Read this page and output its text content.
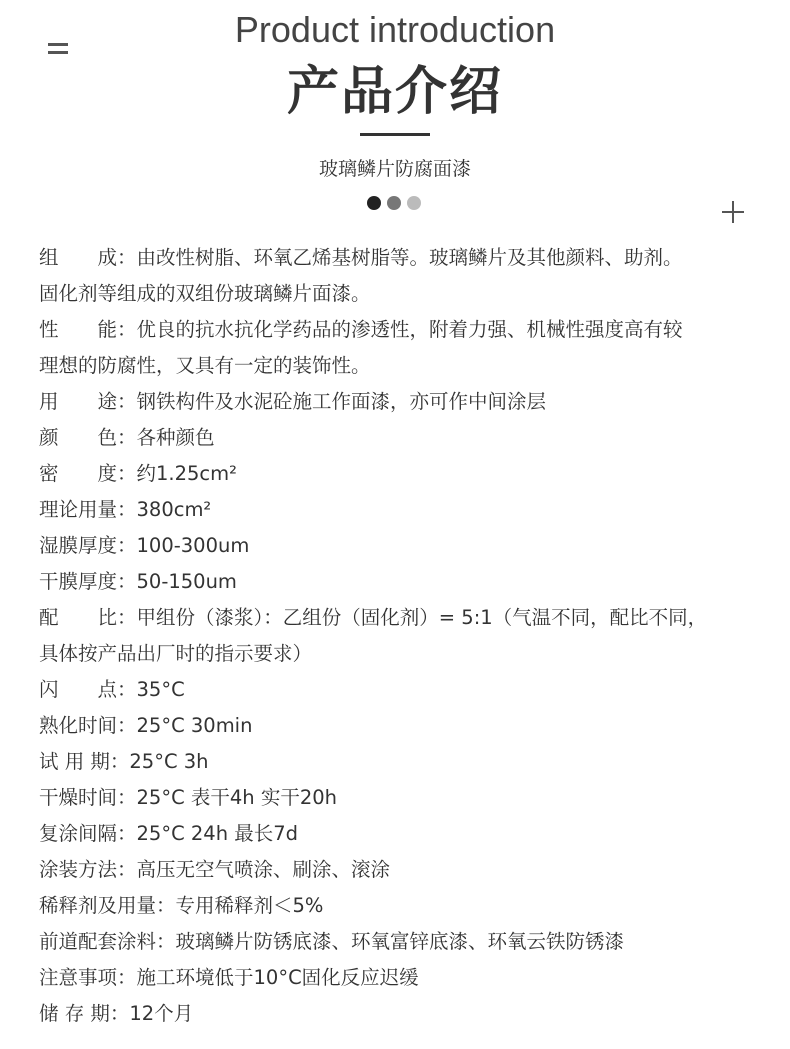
Product introduction
产品介绍
玻璃鳞片防腐面漆
组　　成：由改性树脂、环氧乙烯基树脂等。玻璃鳞片及其他颜料、助剂。
固化剂等组成的双组份玻璃鳞片面漆。
性　　能：优良的抗水抗化学药品的渗透性，附着力强、机械性强度高有较
理想的防腐性，又具有一定的装饰性。
用　　途：钢铁构件及水泥砼施工作面漆，亦可作中间涂层
颜　　色：各种颜色
密　　度：约1.25cm²
理论用量：380cm²
湿膜厚度：100-300um
干膜厚度：50-150um
配　　比：甲组份（漆浆）：乙组份（固化剂）= 5:1（气温不同，配比不同，
具体按产品出厂时的指示要求）
闪　　点：35°C
熟化时间：25°C 30min
试 用 期：25°C 3h
干燥时间：25°C 表干4h 实干20h
复涂间隔：25°C 24h 最长7d
涂装方法：高压无空气喷涂、刷涂、滚涂
稀释剂及用量：专用稀释剂＜5%
前道配套涂料：玻璃鳞片防锈底漆、环氧富锌底漆、环氧云铁防锈漆
注意事项：施工环境低于10°C固化反应迟缓
储 存 期：12个月
